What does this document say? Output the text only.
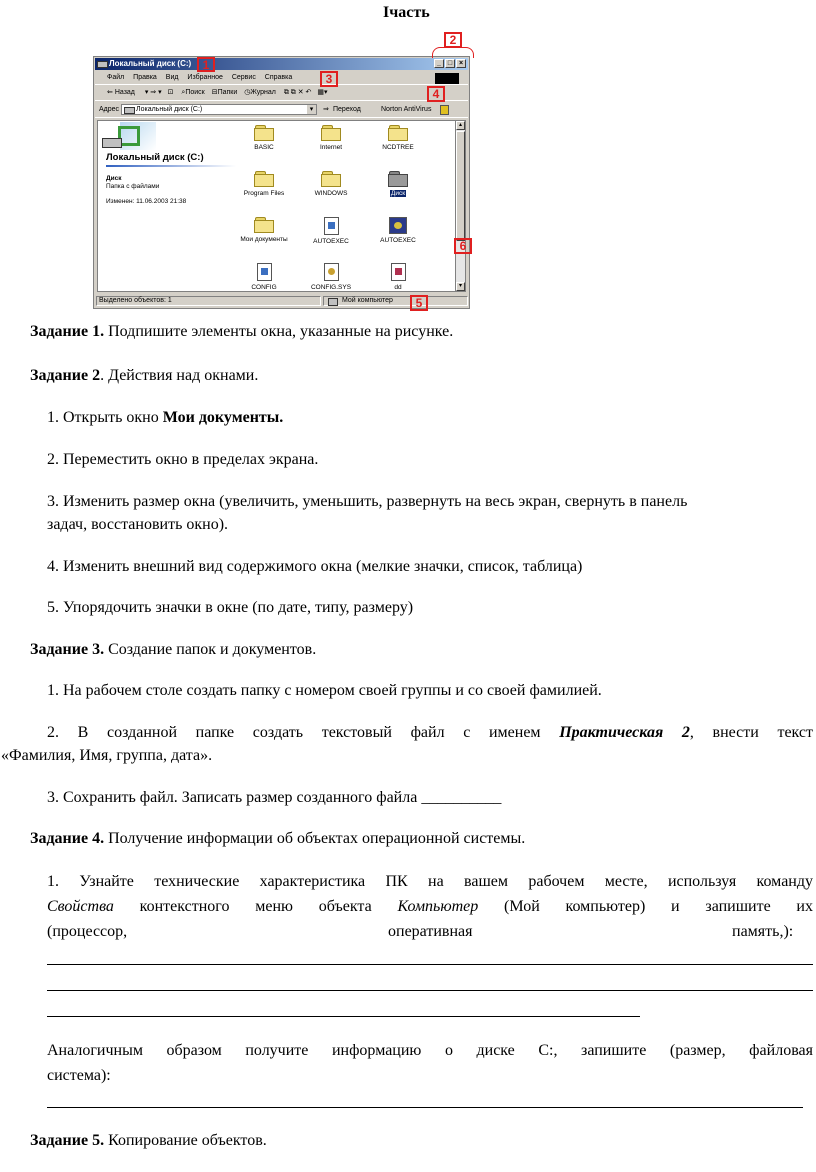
Iчасть
Локальный диск (C:)	_ □ ×
Файл Правка Вид Избранное Сервис Справка
⇐ Назад ▾ ⇒ ▾ ⊡ ⌕Поиск ⊟Папки ◷Журнал ⧉ ⧉ ✕ ↶ ▦▾
Адрес	Локальный диск (C:)	▾	⇒ Переход	Norton AntiVirus
Локальный диск (C:)
Диск
Папка с файлами
Изменен: 11.06.2003 21:38
BASIC	Internet	NCDTREE
Program Files	WINDOWS	Диск
Мои документы	AUTOEXEC	AUTOEXEC
CONFIG	CONFIG.SYS	dd
▴
▾
Выделено объектов: 1	Мой компьютер
1
2
3
4
5
6
Задание 1. Подпишите элементы окна, указанные на рисунке.
Задание 2. Действия над окнами.
1. Открыть окно Мои документы.
2. Переместить окно в пределах экрана.
3. Изменить размер окна (увеличить, уменьшить, развернуть на весь экран, свернуть в панель
задач, восстановить окно).
4. Изменить внешний вид содержимого окна (мелкие значки, список, таблица)
5. Упорядочить значки в окне (по дате, типу, размеру)
Задание 3. Создание папок и документов.
1. На рабочем столе создать папку с номером своей группы и со своей фамилией.
2. В созданной папке создать текстовый файл с именем Практическая 2, внести текст
«Фамилия, Имя, группа, дата».
3. Сохранить файл. Записать размер созданного файла __________
Задание 4. Получение информации об объектах операционной системы.
1. Узнайте технические характеристика ПК на вашем рабочем месте, используя команду
Свойства контекстного меню объекта Компьютер (Мой компьютер) и запишите их
(процессор,	оперативная	память,):
Аналогичным образом получите информацию о диске С:, запишите (размер, файловая
система):
Задание 5. Копирование объектов.
